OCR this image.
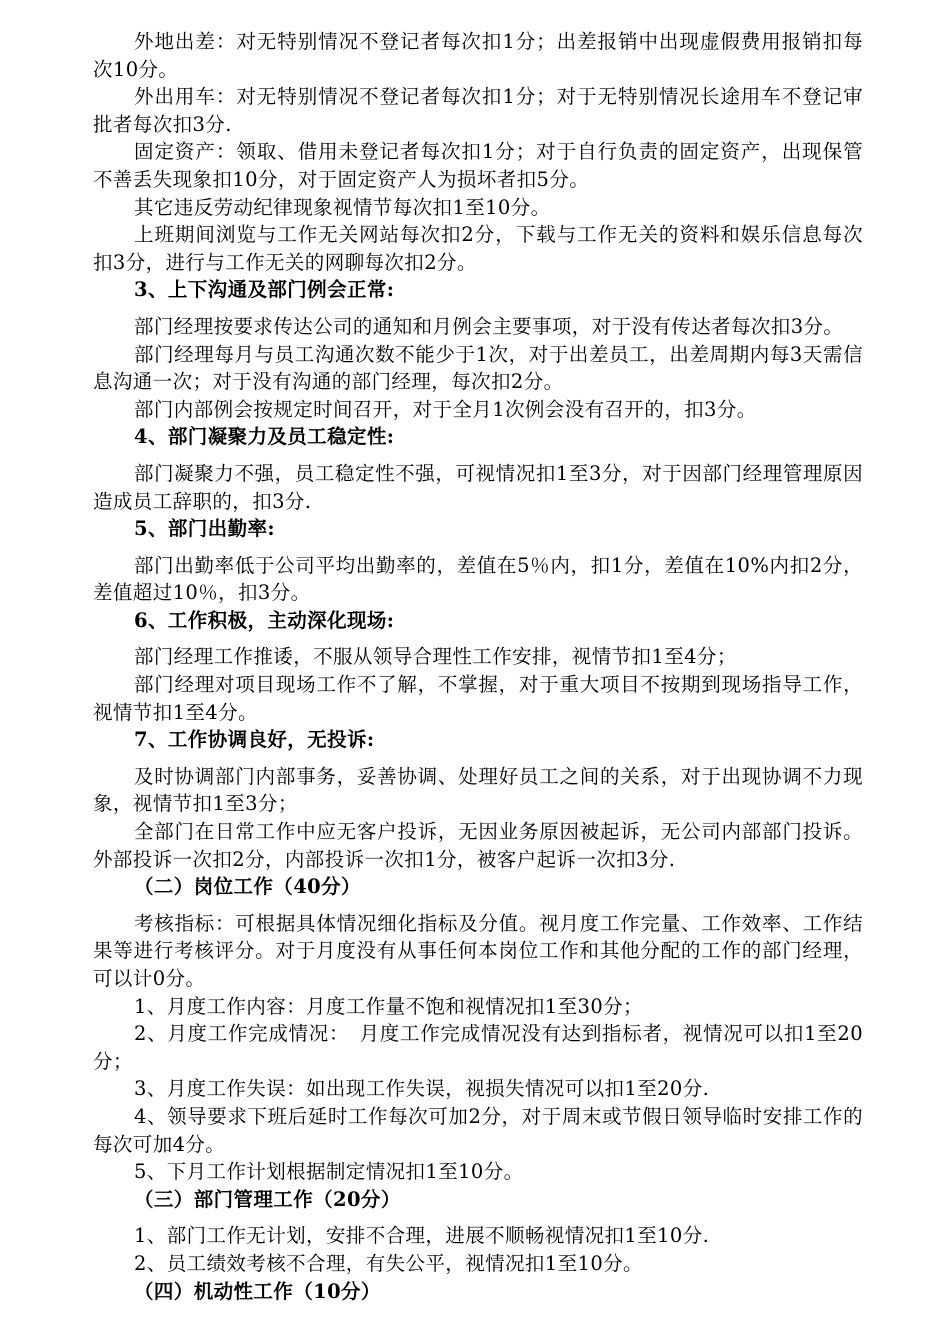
外地出差：对无特别情况不登记者每次扣1分；出差报销中出现虚假费用报销扣每次10分。

外出用车：对无特别情况不登记者每次扣1分；对于无特别情况长途用车不登记审批者每次扣3分.

固定资产：领取、借用未登记者每次扣1分；对于自行负责的固定资产，出现保管不善丢失现象扣10分，对于固定资产人为损坏者扣5分。

其它违反劳动纪律现象视情节每次扣1至10分。

上班期间浏览与工作无关网站每次扣2分，下载与工作无关的资料和娱乐信息每次扣3分，进行与工作无关的网聊每次扣2分。

3、上下沟通及部门例会正常:

部门经理按要求传达公司的通知和月例会主要事项，对于没有传达者每次扣3分。

部门经理每月与员工沟通次数不能少于1次，对于出差员工，出差周期内每3天需信息沟通一次；对于没有沟通的部门经理，每次扣2分。

部门内部例会按规定时间召开，对于全月1次例会没有召开的，扣3分。

4、部门凝聚力及员工稳定性:

部门凝聚力不强，员工稳定性不强，可视情况扣1至3分，对于因部门经理管理原因造成员工辞职的，扣3分.

5、部门出勤率:

部门出勤率低于公司平均出勤率的，差值在5％内，扣1分，差值在10%内扣2分，差值超过10％，扣3分。

6、工作积极，主动深化现场:

部门经理工作推诿，不服从领导合理性工作安排，视情节扣1至4分；

部门经理对项目现场工作不了解，不掌握，对于重大项目不按期到现场指导工作，视情节扣1至4分。

7、工作协调良好，无投诉:

及时协调部门内部事务，妥善协调、处理好员工之间的关系，对于出现协调不力现象，视情节扣1至3分；

全部门在日常工作中应无客户投诉，无因业务原因被起诉，无公司内部部门投诉。外部投诉一次扣2分，内部投诉一次扣1分，被客户起诉一次扣3分.

（二）岗位工作（40分）

考核指标：可根据具体情况细化指标及分值。视月度工作完量、工作效率、工作结果等进行考核评分。对于月度没有从事任何本岗位工作和其他分配的工作的部门经理，可以计0分。

1、月度工作内容：月度工作量不饱和视情况扣1至30分；

2、月度工作完成情况：　月度工作完成情况没有达到指标者，视情况可以扣1至20分；

3、月度工作失误：如出现工作失误，视损失情况可以扣1至20分.

4、领导要求下班后延时工作每次可加2分，对于周末或节假日领导临时安排工作的每次可加4分。

5、下月工作计划根据制定情况扣1至10分。

（三）部门管理工作（20分）

1、部门工作无计划，安排不合理，进展不顺畅视情况扣1至10分.

2、员工绩效考核不合理，有失公平，视情况扣1至10分。

（四）机动性工作（10分）
